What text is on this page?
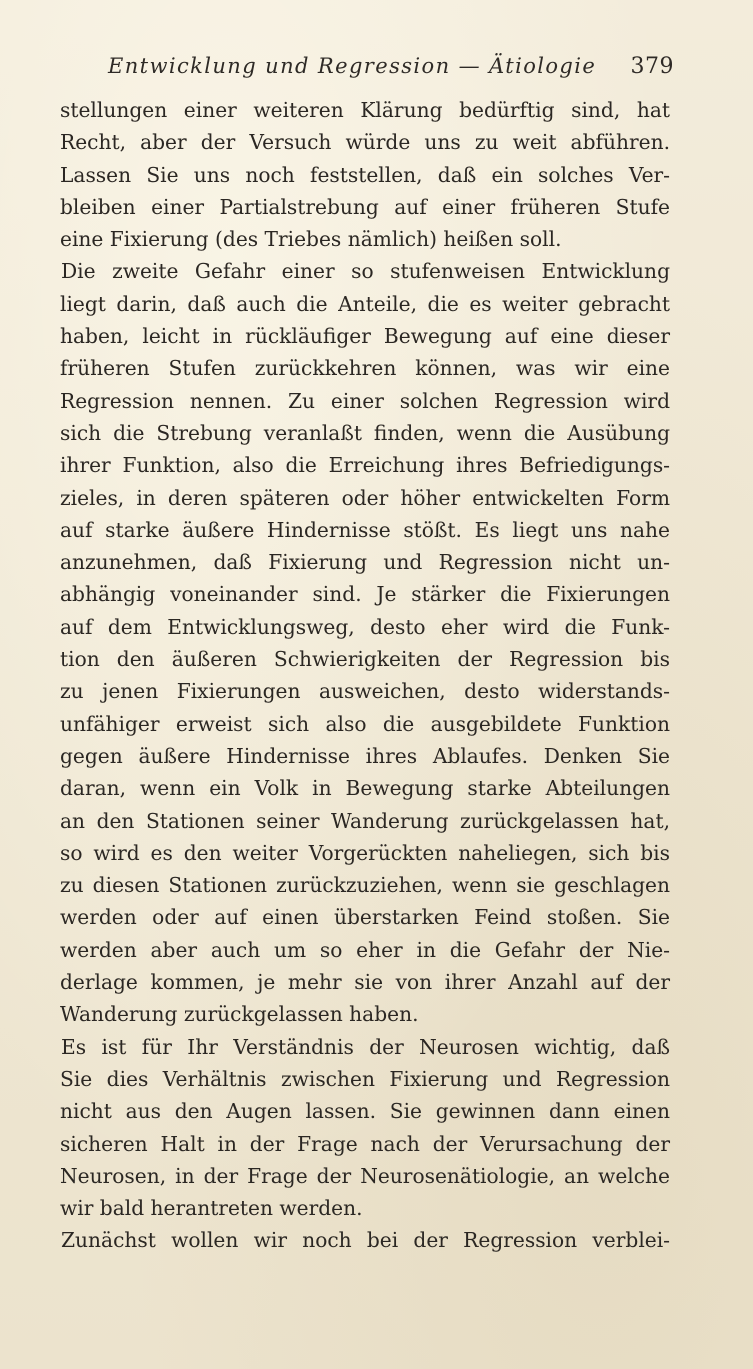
Entwicklung und Regression — Ätiologie 379
stellungen einer weiteren Klärung bedürftig sind, hat
Recht, aber der Versuch würde uns zu weit abführen.
Lassen Sie uns noch feststellen, daß ein solches Ver-
bleiben einer Partialstrebung auf einer früheren Stufe
eine Fixierung (des Triebes nämlich) heißen soll.
Die zweite Gefahr einer so stufenweisen Entwicklung
liegt darin, daß auch die Anteile, die es weiter gebracht
haben, leicht in rückläufiger Bewegung auf eine dieser
früheren Stufen zurückkehren können, was wir eine
Regression nennen. Zu einer solchen Regression wird
sich die Strebung veranlaßt finden, wenn die Ausübung
ihrer Funktion, also die Erreichung ihres Befriedigungs-
zieles, in deren späteren oder höher entwickelten Form
auf starke äußere Hindernisse stößt. Es liegt uns nahe
anzunehmen, daß Fixierung und Regression nicht un-
abhängig voneinander sind. Je stärker die Fixierungen
auf dem Entwicklungsweg, desto eher wird die Funk-
tion den äußeren Schwierigkeiten der Regression bis
zu jenen Fixierungen ausweichen, desto widerstands-
unfähiger erweist sich also die ausgebildete Funktion
gegen äußere Hindernisse ihres Ablaufes. Denken Sie
daran, wenn ein Volk in Bewegung starke Abteilungen
an den Stationen seiner Wanderung zurückgelassen hat,
so wird es den weiter Vorgerückten naheliegen, sich bis
zu diesen Stationen zurückzuziehen, wenn sie geschlagen
werden oder auf einen überstarken Feind stoßen. Sie
werden aber auch um so eher in die Gefahr der Nie-
derlage kommen, je mehr sie von ihrer Anzahl auf der
Wanderung zurückgelassen haben.
Es ist für Ihr Verständnis der Neurosen wichtig, daß
Sie dies Verhältnis zwischen Fixierung und Regression
nicht aus den Augen lassen. Sie gewinnen dann einen
sicheren Halt in der Frage nach der Verursachung der
Neurosen, in der Frage der Neurosenätiologie, an welche
wir bald herantreten werden.
Zunächst wollen wir noch bei der Regression verblei-
